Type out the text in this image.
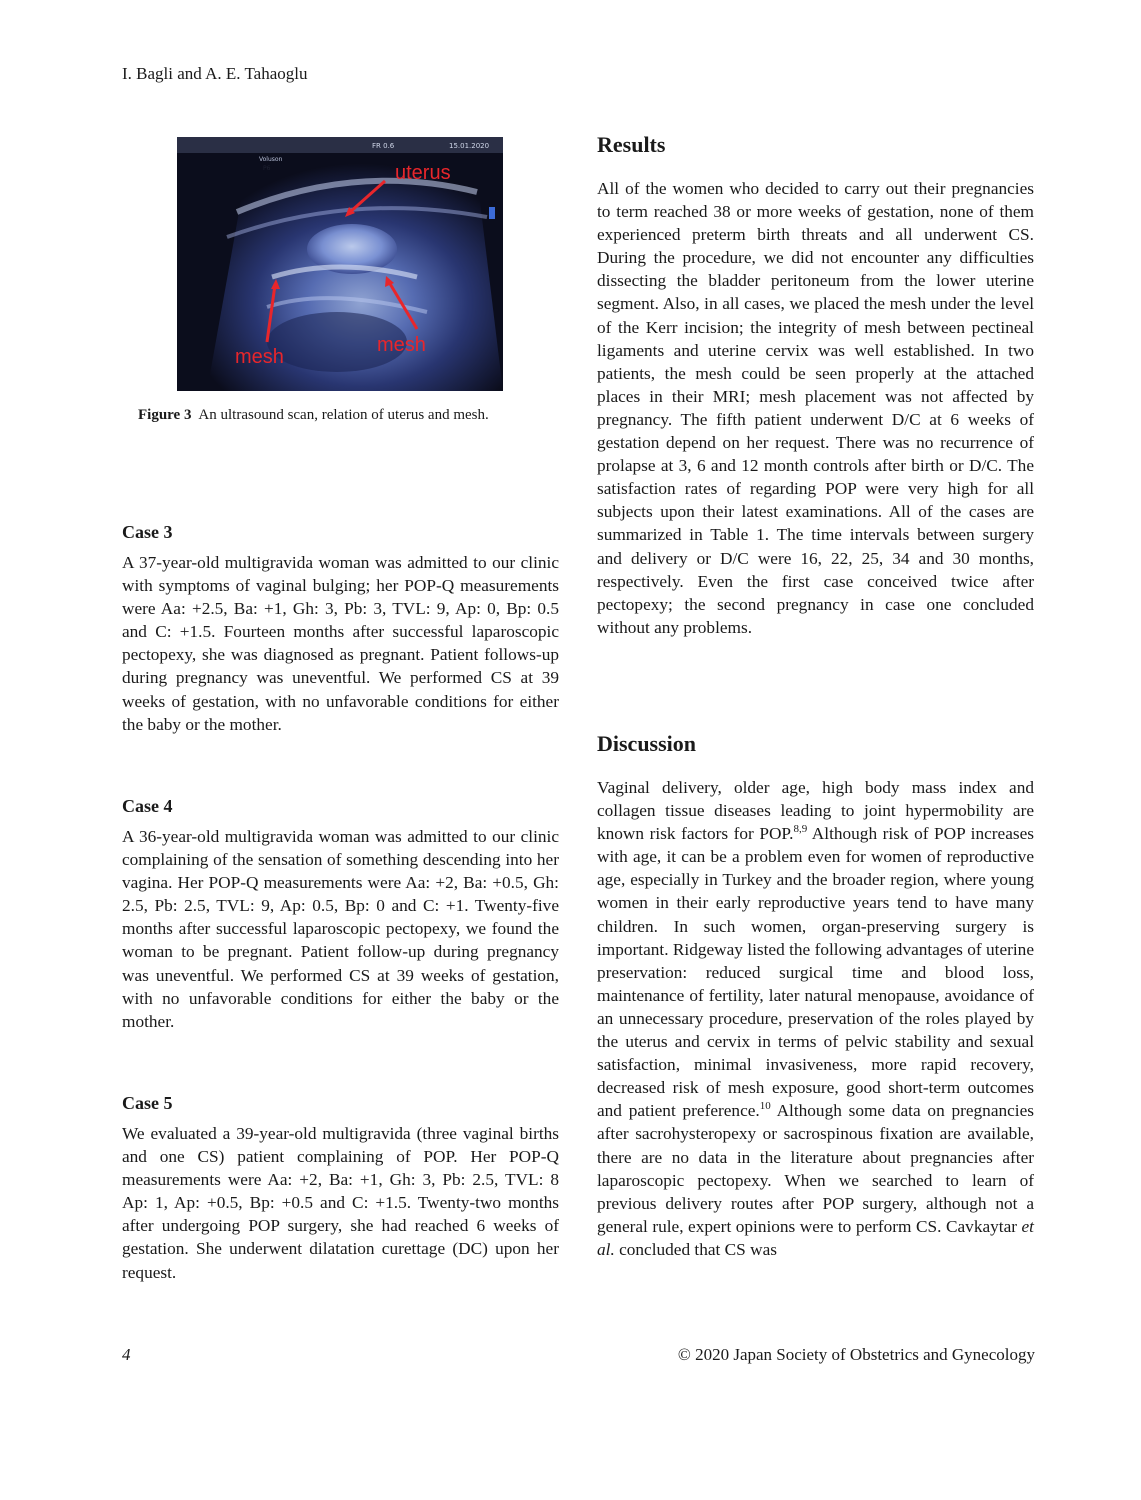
I. Bagli and A. E. Tahaoglu
FR 0.6	15.01.2020
Voluson
uterus
mesh
mesh
Figure 3 An ultrasound scan, relation of uterus and mesh.
Case 3
A 37-year-old multigravida woman was admitted to our clinic with symptoms of vaginal bulging; her POP-Q measurements were Aa: +2.5, Ba: +1, Gh: 3, Pb: 3, TVL: 9, Ap: 0, Bp: 0.5 and C: +1.5. Fourteen months after successful laparoscopic pectopexy, she was diagnosed as pregnant. Patient follows-up during pregnancy was uneventful. We performed CS at 39 weeks of gestation, with no unfavorable conditions for either the baby or the mother.
Case 4
A 36-year-old multigravida woman was admitted to our clinic complaining of the sensation of something descending into her vagina. Her POP-Q measurements were Aa: +2, Ba: +0.5, Gh: 2.5, Pb: 2.5, TVL: 9, Ap: 0.5, Bp: 0 and C: +1. Twenty-five months after successful laparoscopic pectopexy, we found the woman to be pregnant. Patient follow-up during pregnancy was uneventful. We performed CS at 39 weeks of gestation, with no unfavorable conditions for either the baby or the mother.
Case 5
We evaluated a 39-year-old multigravida (three vaginal births and one CS) patient complaining of POP. Her POP-Q measurements were Aa: +2, Ba: +1, Gh: 3, Pb: 2.5, TVL: 8 Ap: 1, Ap: +0.5, Bp: +0.5 and C: +1.5. Twenty-two months after undergoing POP surgery, she had reached 6 weeks of gestation. She underwent dilatation curettage (DC) upon her request.
Results
All of the women who decided to carry out their pregnancies to term reached 38 or more weeks of gestation, none of them experienced preterm birth threats and all underwent CS. During the procedure, we did not encounter any difficulties dissecting the bladder peritoneum from the lower uterine segment. Also, in all cases, we placed the mesh under the level of the Kerr incision; the integrity of mesh between pectineal ligaments and uterine cervix was well established. In two patients, the mesh could be seen properly at the attached places in their MRI; mesh placement was not affected by pregnancy. The fifth patient underwent D/C at 6 weeks of gestation depend on her request. There was no recurrence of prolapse at 3, 6 and 12 month controls after birth or D/C. The satisfaction rates of regarding POP were very high for all subjects upon their latest examinations. All of the cases are summarized in Table 1. The time intervals between surgery and delivery or D/C were 16, 22, 25, 34 and 30 months, respectively. Even the first case conceived twice after pectopexy; the second pregnancy in case one concluded without any problems.
Discussion
Vaginal delivery, older age, high body mass index and collagen tissue diseases leading to joint hypermobility are known risk factors for POP.$^{8,9}$ Although risk of POP increases with age, it can be a problem even for women of reproductive age, especially in Turkey and the broader region, where young women in their early reproductive years tend to have many children. In such women, organ-preserving surgery is important. Ridgeway listed the following advantages of uterine preservation: reduced surgical time and blood loss, maintenance of fertility, later natural menopause, avoidance of an unnecessary procedure, preservation of the roles played by the uterus and cervix in terms of pelvic stability and sexual satisfaction, minimal invasiveness, more rapid recovery, decreased risk of mesh exposure, good short-term outcomes and patient preference.$^{10}$ Although some data on pregnancies after sacrohysteropexy or sacrospinous fixation are available, there are no data in the literature about pregnancies after laparoscopic pectopexy. When we searched to learn of previous delivery routes after POP surgery, although not a general rule, expert opinions were to perform CS. Cavkaytar et al. concluded that CS was
4	© 2020 Japan Society of Obstetrics and Gynecology
